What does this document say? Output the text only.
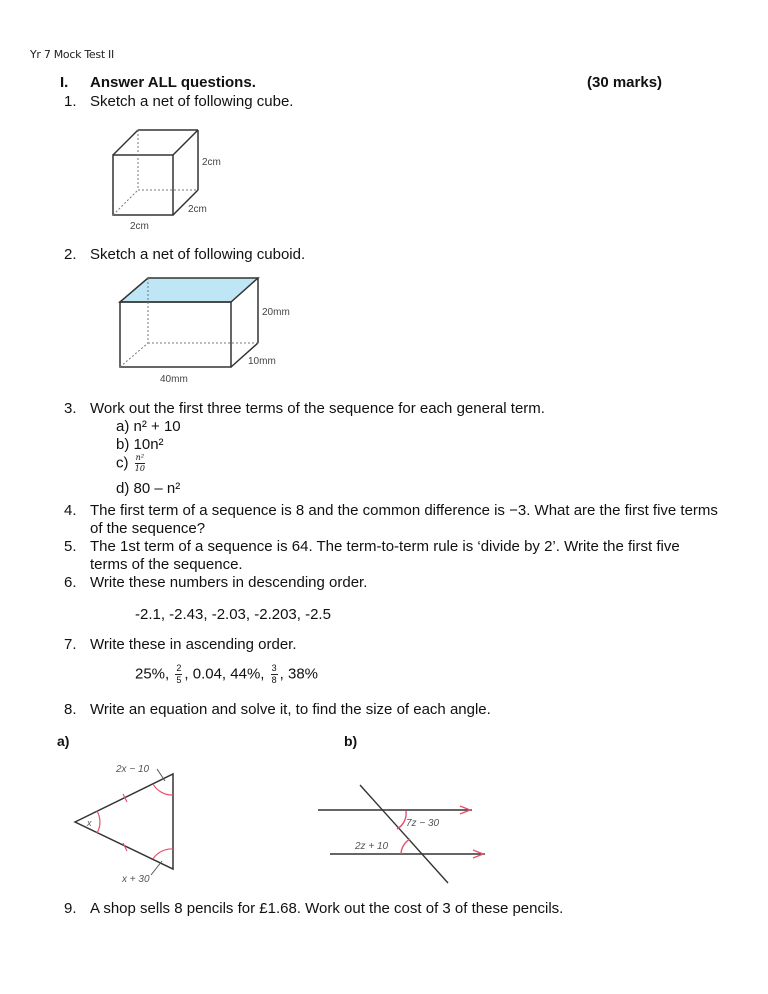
Yr 7 Mock Test II
I. Answer ALL questions.	(30 marks)
1. Sketch a net of following cube.
2cm
2cm
2cm
2. Sketch a net of following cuboid.
20mm
10mm
40mm
3. Work out the first three terms of the sequence for each general term.
a) n² + 10
b) 10n²
$c) \frac{\text{n²}}{10}$
d) 80 – n²
4. The first term of a sequence is 8 and the common difference is −3. What are the first five terms
of the sequence?
5. The 1st term of a sequence is 64. The term-to-term rule is ‘divide by 2’. Write the first five
terms of the sequence.
6. Write these numbers in descending order.
-2.1, -2.43, -2.03, -2.203, -2.5
7. Write these in ascending order.
25%, $\frac{2}{5}$ , 0.04, 44%, $\frac{3}{8}$ , 38%
8. Write an equation and solve it, to find the size of each angle.
a)	b)
2x − 10
x
x + 30
7z − 30
2z + 10
9. A shop sells 8 pencils for £1.68. Work out the cost of 3 of these pencils.
